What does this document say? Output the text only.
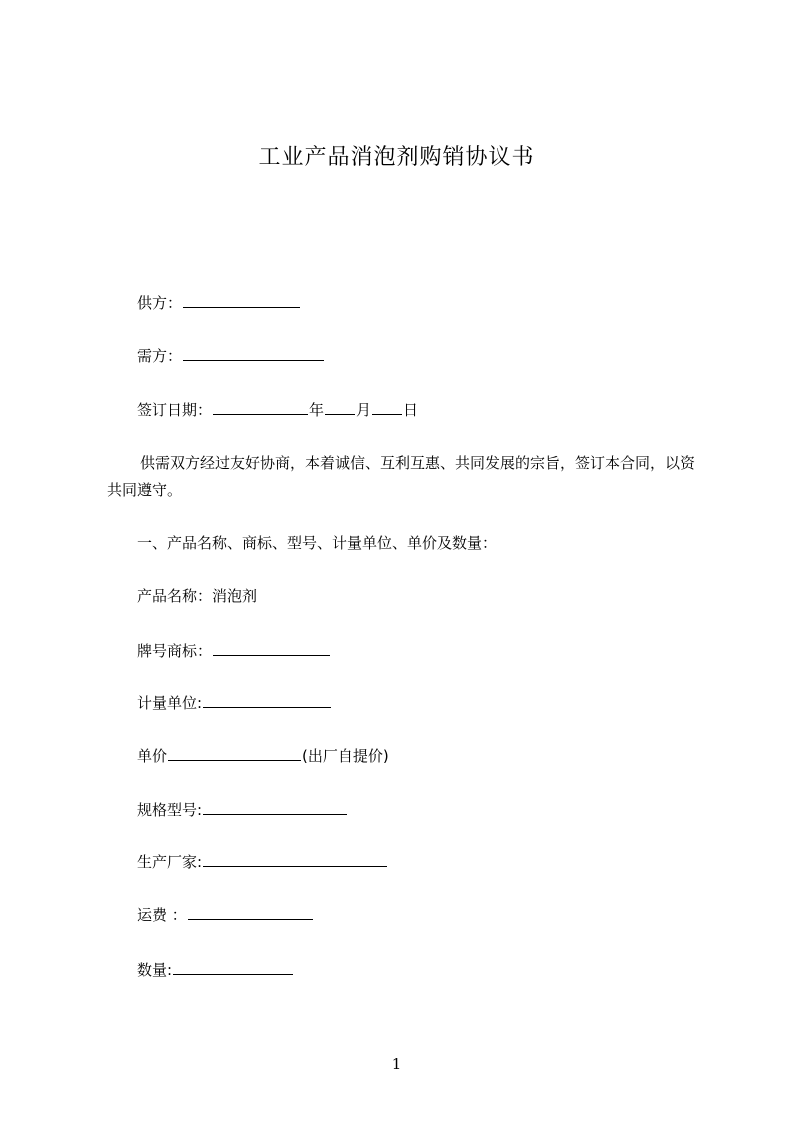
工业产品消泡剂购销协议书
供方：
需方：
签订日期：	年 月 日
供需双方经过友好协商，本着诚信、互利互惠、共同发展的宗旨，签订本合同，以资共同遵守。
一、产品名称、商标、型号、计量单位、单价及数量：
产品名称：消泡剂
牌号商标：
计量单位:
单价	(出厂自提价)
规格型号:
生产厂家:
运费 ：
数量:
1
